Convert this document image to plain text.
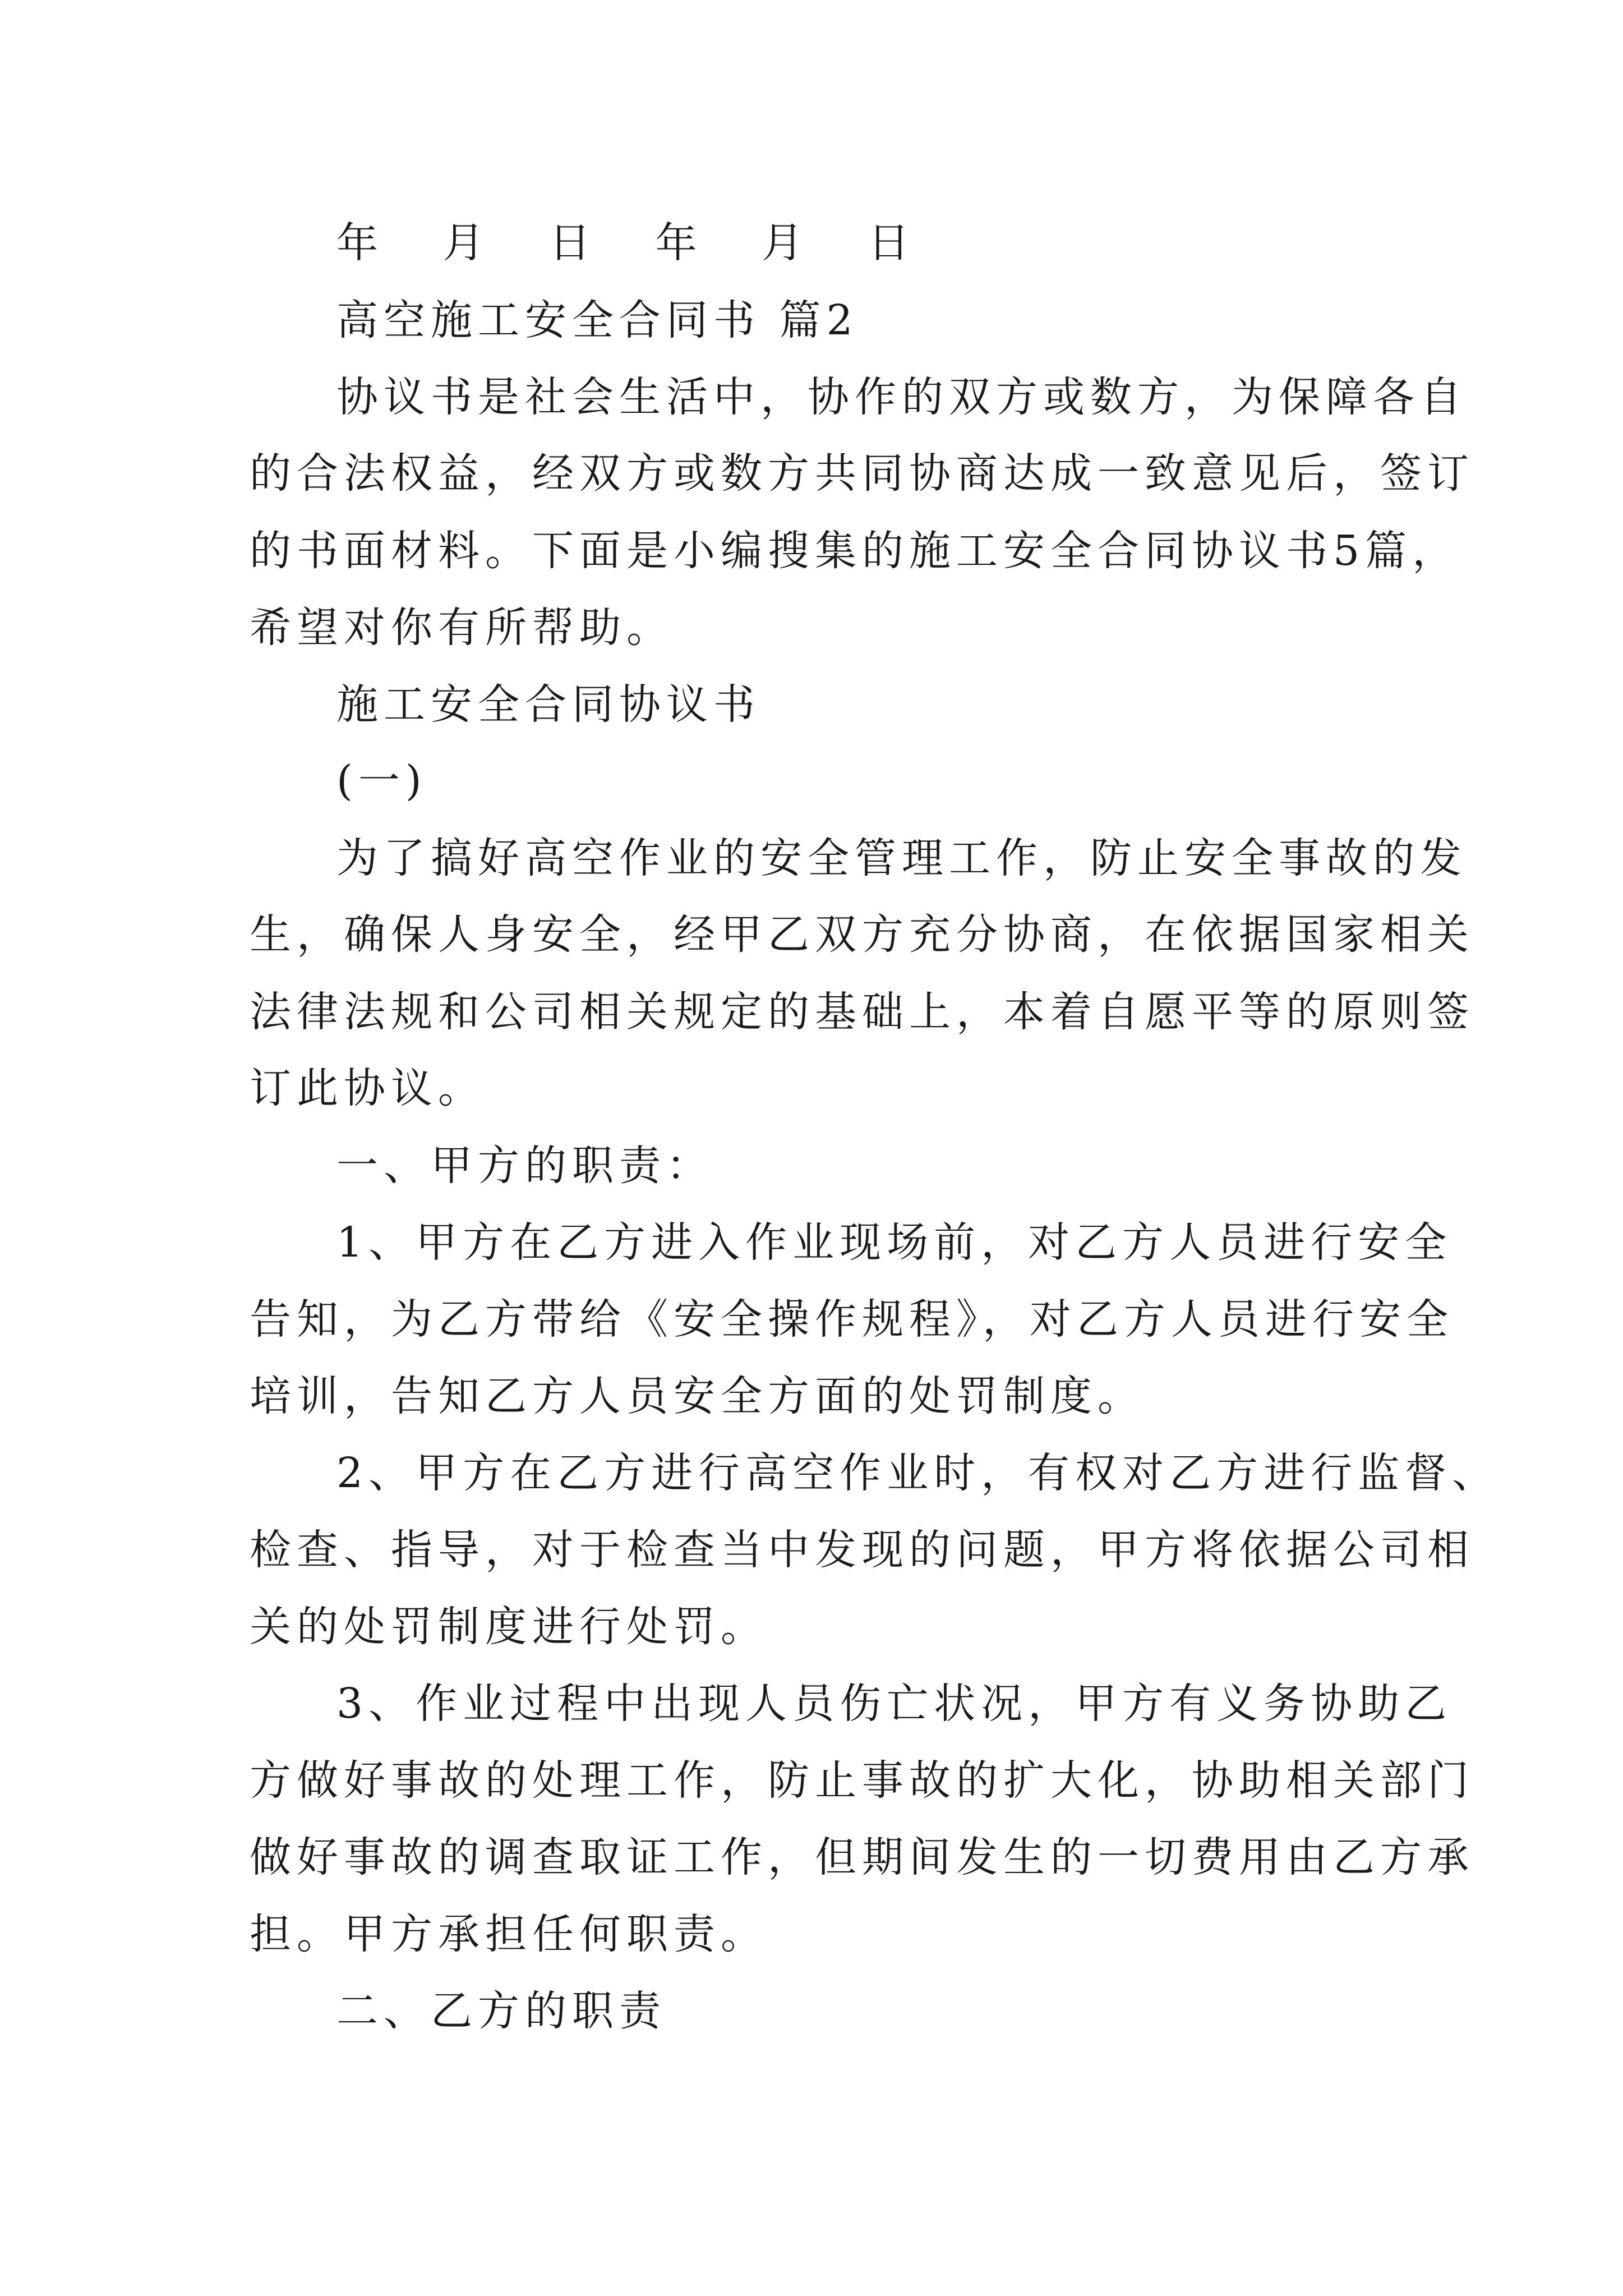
年 月 日 年 月 日
高空施工安全合同书 篇2
协议书是社会生活中，协作的双方或数方，为保障各自
的合法权益，经双方或数方共同协商达成一致意见后，签订
的书面材料。下面是小编搜集的施工安全合同协议书5篇，
希望对你有所帮助。
施工安全合同协议书
(一)
为了搞好高空作业的安全管理工作，防止安全事故的发
生，确保人身安全，经甲乙双方充分协商，在依据国家相关
法律法规和公司相关规定的基础上，本着自愿平等的原则签
订此协议。
一、甲方的职责：
1、甲方在乙方进入作业现场前，对乙方人员进行安全
告知，为乙方带给《安全操作规程》，对乙方人员进行安全
培训，告知乙方人员安全方面的处罚制度。
2、甲方在乙方进行高空作业时，有权对乙方进行监督、
检查、指导，对于检查当中发现的问题，甲方将依据公司相
关的处罚制度进行处罚。
3、作业过程中出现人员伤亡状况，甲方有义务协助乙
方做好事故的处理工作，防止事故的扩大化，协助相关部门
做好事故的调查取证工作，但期间发生的一切费用由乙方承
担。甲方承担任何职责。
二、乙方的职责
